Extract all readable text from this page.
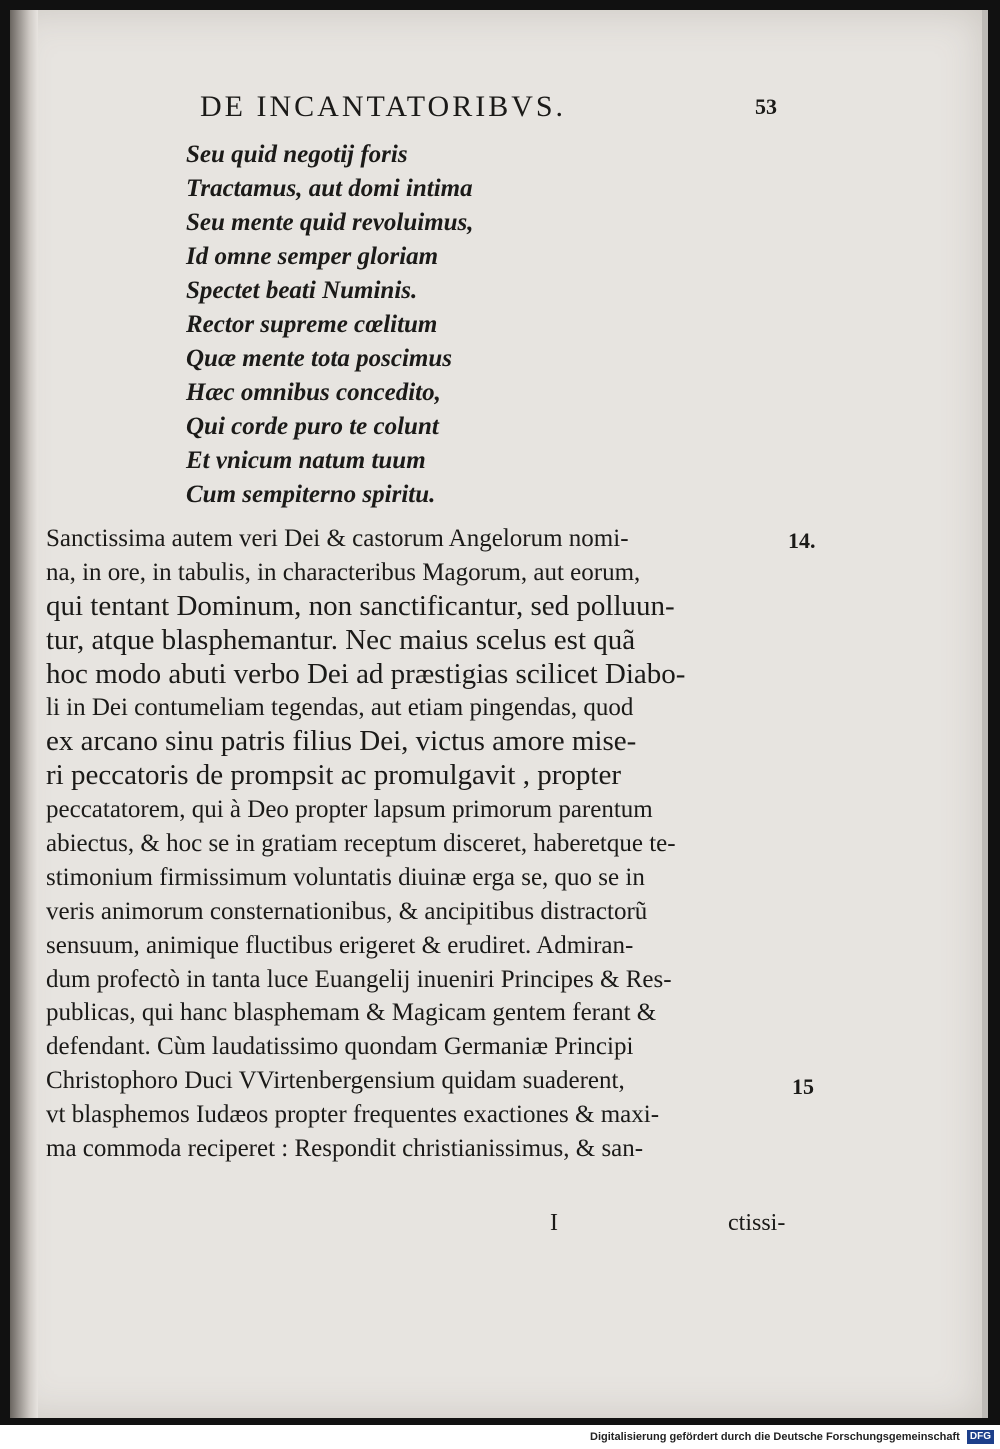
DE INCANTATORIBVS.	53
Seu quid negotij foris
Tractamus, aut domi intima
Seu mente quid revoluimus,
Id omne semper gloriam
Spectet beati Numinis.
Rector supreme cœlitum
Quæ mente tota poscimus
Hæc omnibus concedito,
Qui corde puro te colunt
Et vnicum natum tuum
Cum sempiterno spiritu.
Sanctissima autem veri Dei & castorum Angelorum nomi-
na, in ore, in tabulis, in characteribus Magorum, aut eorum,
qui tentant Dominum, non sanctificantur, sed polluun-
tur, atque blasphemantur. Nec maius scelus est quã
hoc modo abuti verbo Dei ad præstigias scilicet Diabo-
li in Dei contumeliam tegendas, aut etiam pingendas, quod
ex arcano sinu patris filius Dei, victus amore mise-
ri peccatoris de prompsit ac promulgavit , propter
peccatatorem, qui à Deo propter lapsum primorum parentum
abiectus, & hoc se in gratiam receptum disceret, haberetque te-
stimonium firmissimum voluntatis diuinæ erga se, quo se in
veris animorum consternationibus, & ancipitibus distractorũ
sensuum, animique fluctibus erigeret & erudiret. Admiran-
dum profectò in tanta luce Euangelij inueniri Principes & Res-
publicas, qui hanc blasphemam & Magicam gentem ferant &
defendant. Cùm laudatissimo quondam Germaniæ Principi
Christophoro Duci VVirtenbergensium quidam suaderent,
vt blasphemos Iudæos propter frequentes exactiones & maxi-
ma commoda reciperet : Respondit christianissimus, & san-
14.
15
I	ctissi-
Digitalisierung gefördert durch die Deutsche Forschungsgemeinschaft DFG
